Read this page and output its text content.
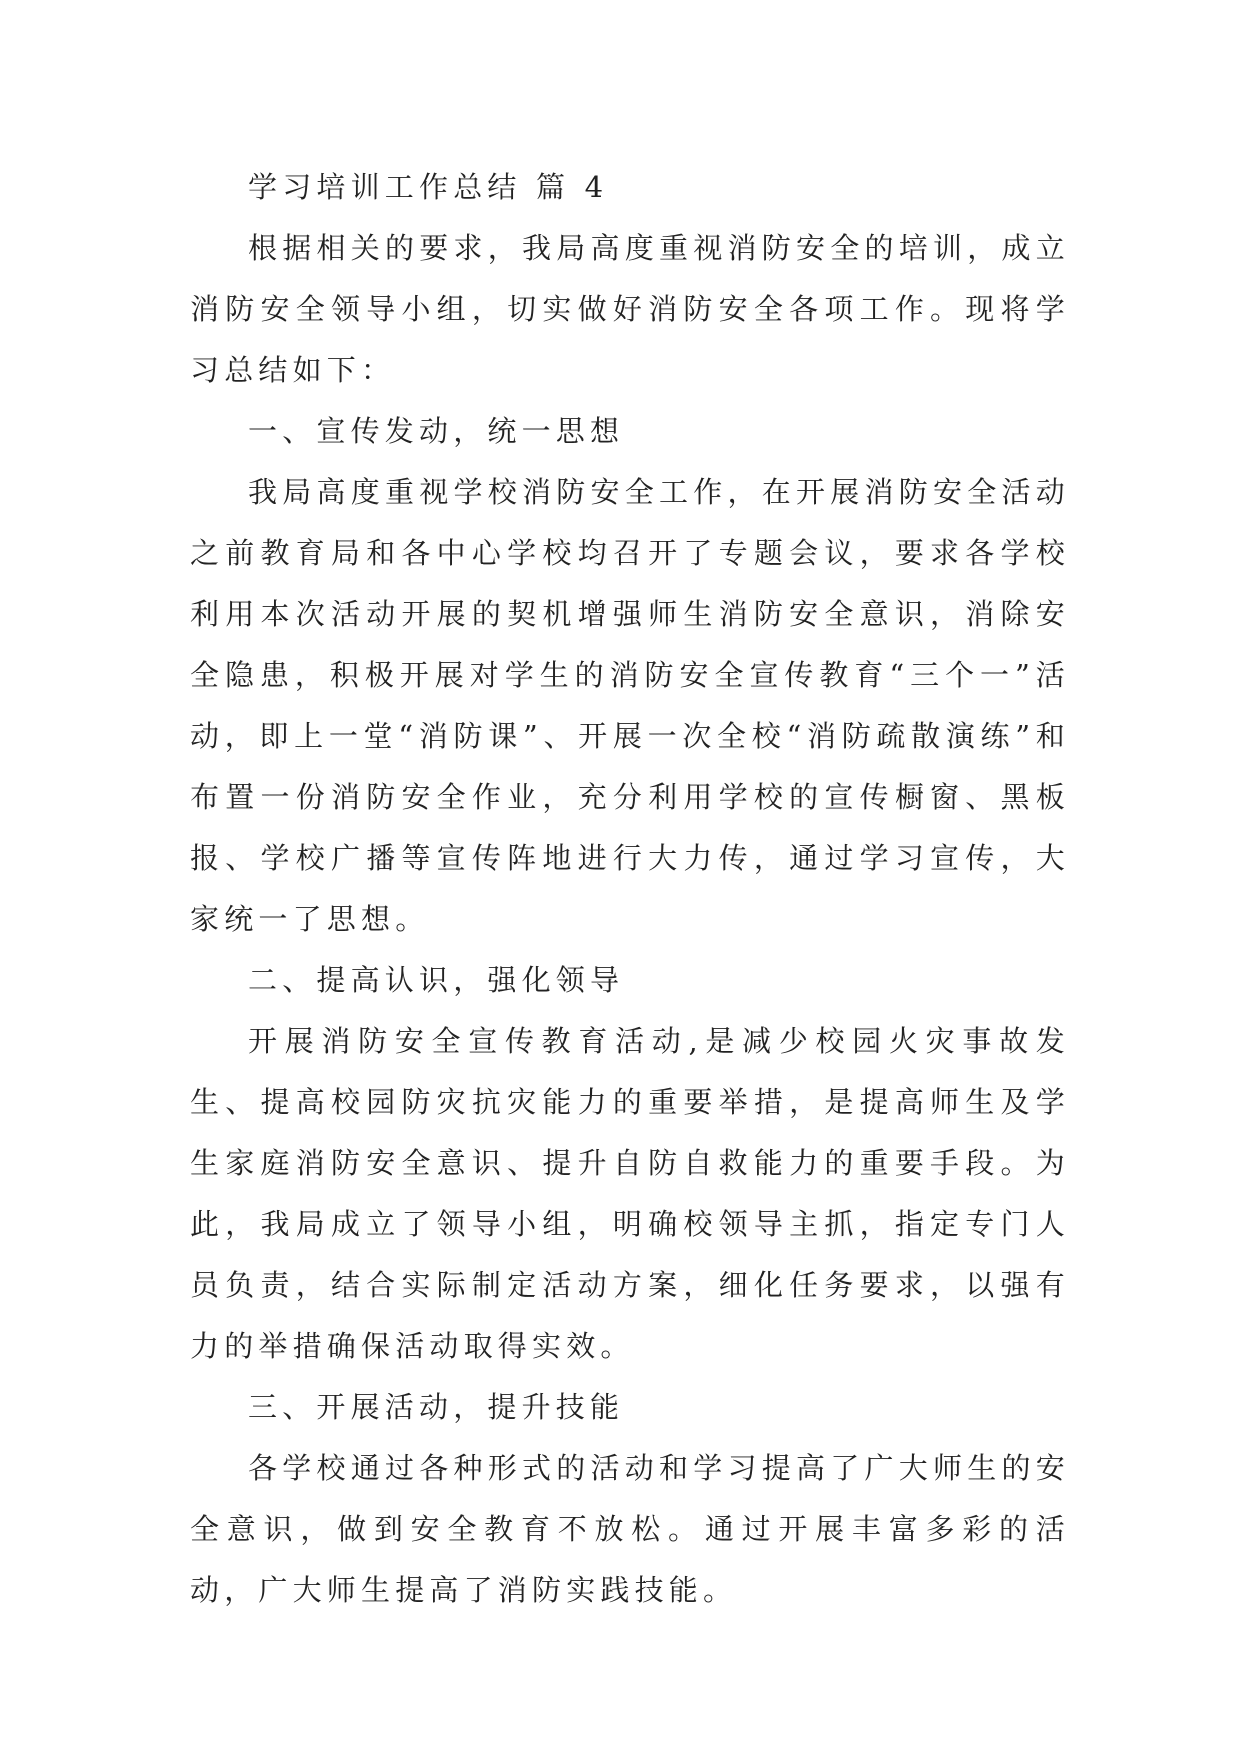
学习培训工作总结 篇 4

根据相关的要求，我局高度重视消防安全的培训，成立消防安全领导小组，切实做好消防安全各项工作。现将学习总结如下：

一、宣传发动，统一思想

我局高度重视学校消防安全工作，在开展消防安全活动之前教育局和各中心学校均召开了专题会议，要求各学校利用本次活动开展的契机增强师生消防安全意识，消除安全隐患，积极开展对学生的消防安全宣传教育“三个一”活动，即上一堂“消防课”、开展一次全校“消防疏散演练”和布置一份消防安全作业，充分利用学校的宣传橱窗、黑板报、学校广播等宣传阵地进行大力传，通过学习宣传，大家统一了思想。

二、提高认识，强化领导

开展消防安全宣传教育活动,是减少校园火灾事故发生、提高校园防灾抗灾能力的重要举措，是提高师生及学生家庭消防安全意识、提升自防自救能力的重要手段。为此，我局成立了领导小组，明确校领导主抓，指定专门人员负责，结合实际制定活动方案，细化任务要求，以强有力的举措确保活动取得实效。

三、开展活动，提升技能

各学校通过各种形式的活动和学习提高了广大师生的安全意识，做到安全教育不放松。通过开展丰富多彩的活动，广大师生提高了消防实践技能。
